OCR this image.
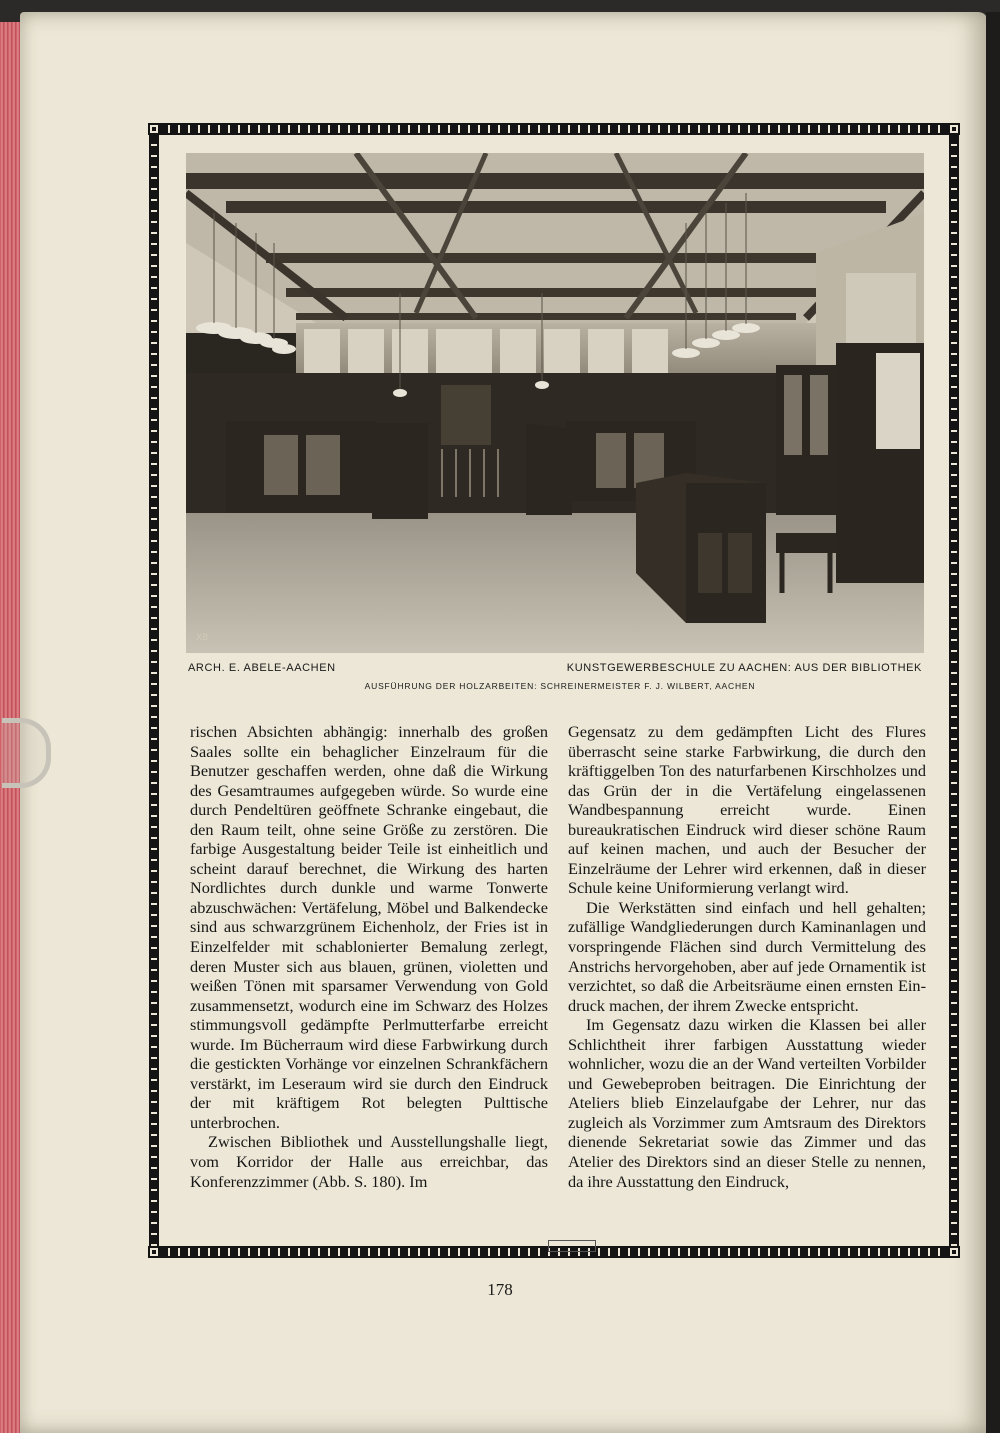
ΧΒ
ARCH. E. ABELE-AACHEN	KUNSTGEWERBESCHULE ZU AACHEN: AUS DER BIBLIOTHEK
AUSFÜHRUNG DER HOLZARBEITEN: SCHREINERMEISTER F. J. WILBERT, AACHEN

rischen Absichten abhängig: innerhalb des großen Saales sollte ein behaglicher Einzelraum für die Benutzer geschaffen werden, ohne daß die Wirkung des Gesamtraumes aufgegeben würde. So wurde eine durch Pendeltüren geöffnete Schranke eingebaut, die den Raum teilt, ohne seine Größe zu zerstören. Die farbige Ausgestaltung beider Teile ist einheitlich und scheint darauf berechnet, die Wirkung des harten Nordlichtes durch dunkle und warme Tonwerte abzuschwächen: Vertäfelung, Möbel und Balkendecke sind aus schwarzgrünem Eichenholz, der Fries ist in Einzelfelder mit schablonierter Bemalung zerlegt, deren Muster sich aus blauen, grünen, violetten und weißen Tönen mit sparsamer Verwendung von Gold zusammensetzt, wodurch eine im Schwarz des Holzes stimmungsvoll gedämpfte Perlmutterfarbe erreicht wurde. Im Bücherraum wird diese Farbwirkung durch die gestickten Vorhänge vor einzelnen Schrankfächern verstärkt, im Leseraum wird sie durch den Eindruck der mit kräftigem Rot belegten Pulttische unterbrochen.

Zwischen Bibliothek und Ausstellungshalle liegt, vom Korridor der Halle aus erreichbar, das Konferenzzimmer (Abb. S. 180). Im

Gegensatz zu dem gedämpften Licht des Flures überrascht seine starke Farbwirkung, die durch den kräftiggelben Ton des naturfarbenen Kirschholzes und das Grün der in die Vertäfelung eingelassenen Wandbespannung erreicht wurde. Einen bureaukratischen Eindruck wird dieser schöne Raum auf keinen machen, und auch der Besucher der Einzelräume der Lehrer wird erkennen, daß in dieser Schule keine Uniformierung verlangt wird.

Die Werkstätten sind einfach und hell gehalten; zufällige Wandgliederungen durch Kaminanlagen und vorspringende Flächen sind durch Vermittelung des Anstrichs hervorgehoben, aber auf jede Ornamentik ist verzichtet, so daß die Arbeitsräume einen ernsten Eindruck machen, der ihrem Zwecke entspricht.

Im Gegensatz dazu wirken die Klassen bei aller Schlichtheit ihrer farbigen Ausstattung wieder wohnlicher, wozu die an der Wand verteilten Vorbilder und Gewebeproben beitragen. Die Einrichtung der Ateliers blieb Einzelaufgabe der Lehrer, nur das zugleich als Vorzimmer zum Amtsraum des Direktors dienende Sekretariat sowie das Zimmer und das Atelier des Direktors sind an dieser Stelle zu nennen, da ihre Ausstattung den Eindruck,

178
